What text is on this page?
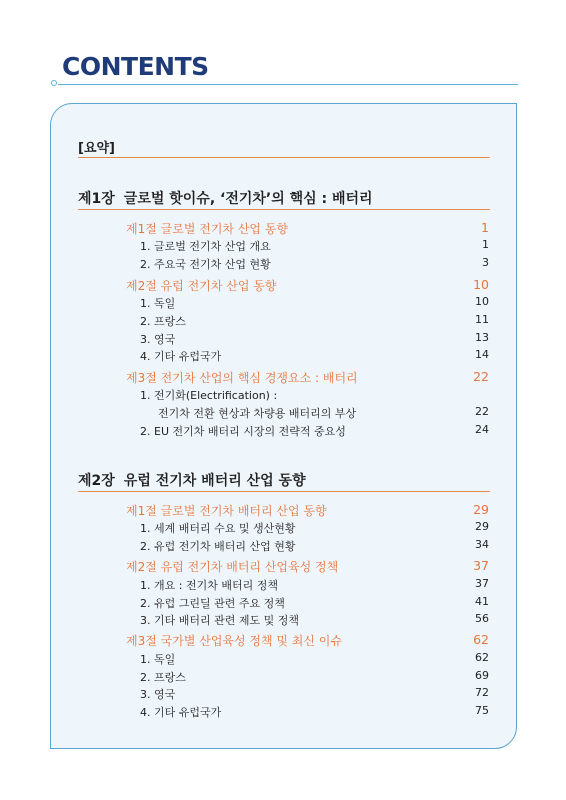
CONTENTS
[요약]
제1장 글로벌 핫이슈, ‘전기차’의 핵심 : 배터리
제1절 글로벌 전기차 산업 동향	1
1. 글로벌 전기차 산업 개요	1
2. 주요국 전기차 산업 현황	3
제2절 유럽 전기차 산업 동향	10
1. 독일	10
2. 프랑스	11
3. 영국	13
4. 기타 유럽국가	14
제3절 전기차 산업의 핵심 경쟁요소 : 배터리	22
1. 전기화(Electrification) :
전기차 전환 현상과 차량용 배터리의 부상	22
2. EU 전기차 배터리 시장의 전략적 중요성	24
제2장 유럽 전기차 배터리 산업 동향
제1절 글로벌 전기차 배터리 산업 동향	29
1. 세계 배터리 수요 및 생산현황	29
2. 유럽 전기차 배터리 산업 현황	34
제2절 유럽 전기차 배터리 산업육성 정책	37
1. 개요 : 전기차 배터리 정책	37
2. 유럽 그린딜 관련 주요 정책	41
3. 기타 배터리 관련 제도 및 정책	56
제3절 국가별 산업육성 정책 및 최신 이슈	62
1. 독일	62
2. 프랑스	69
3. 영국	72
4. 기타 유럽국가	75
